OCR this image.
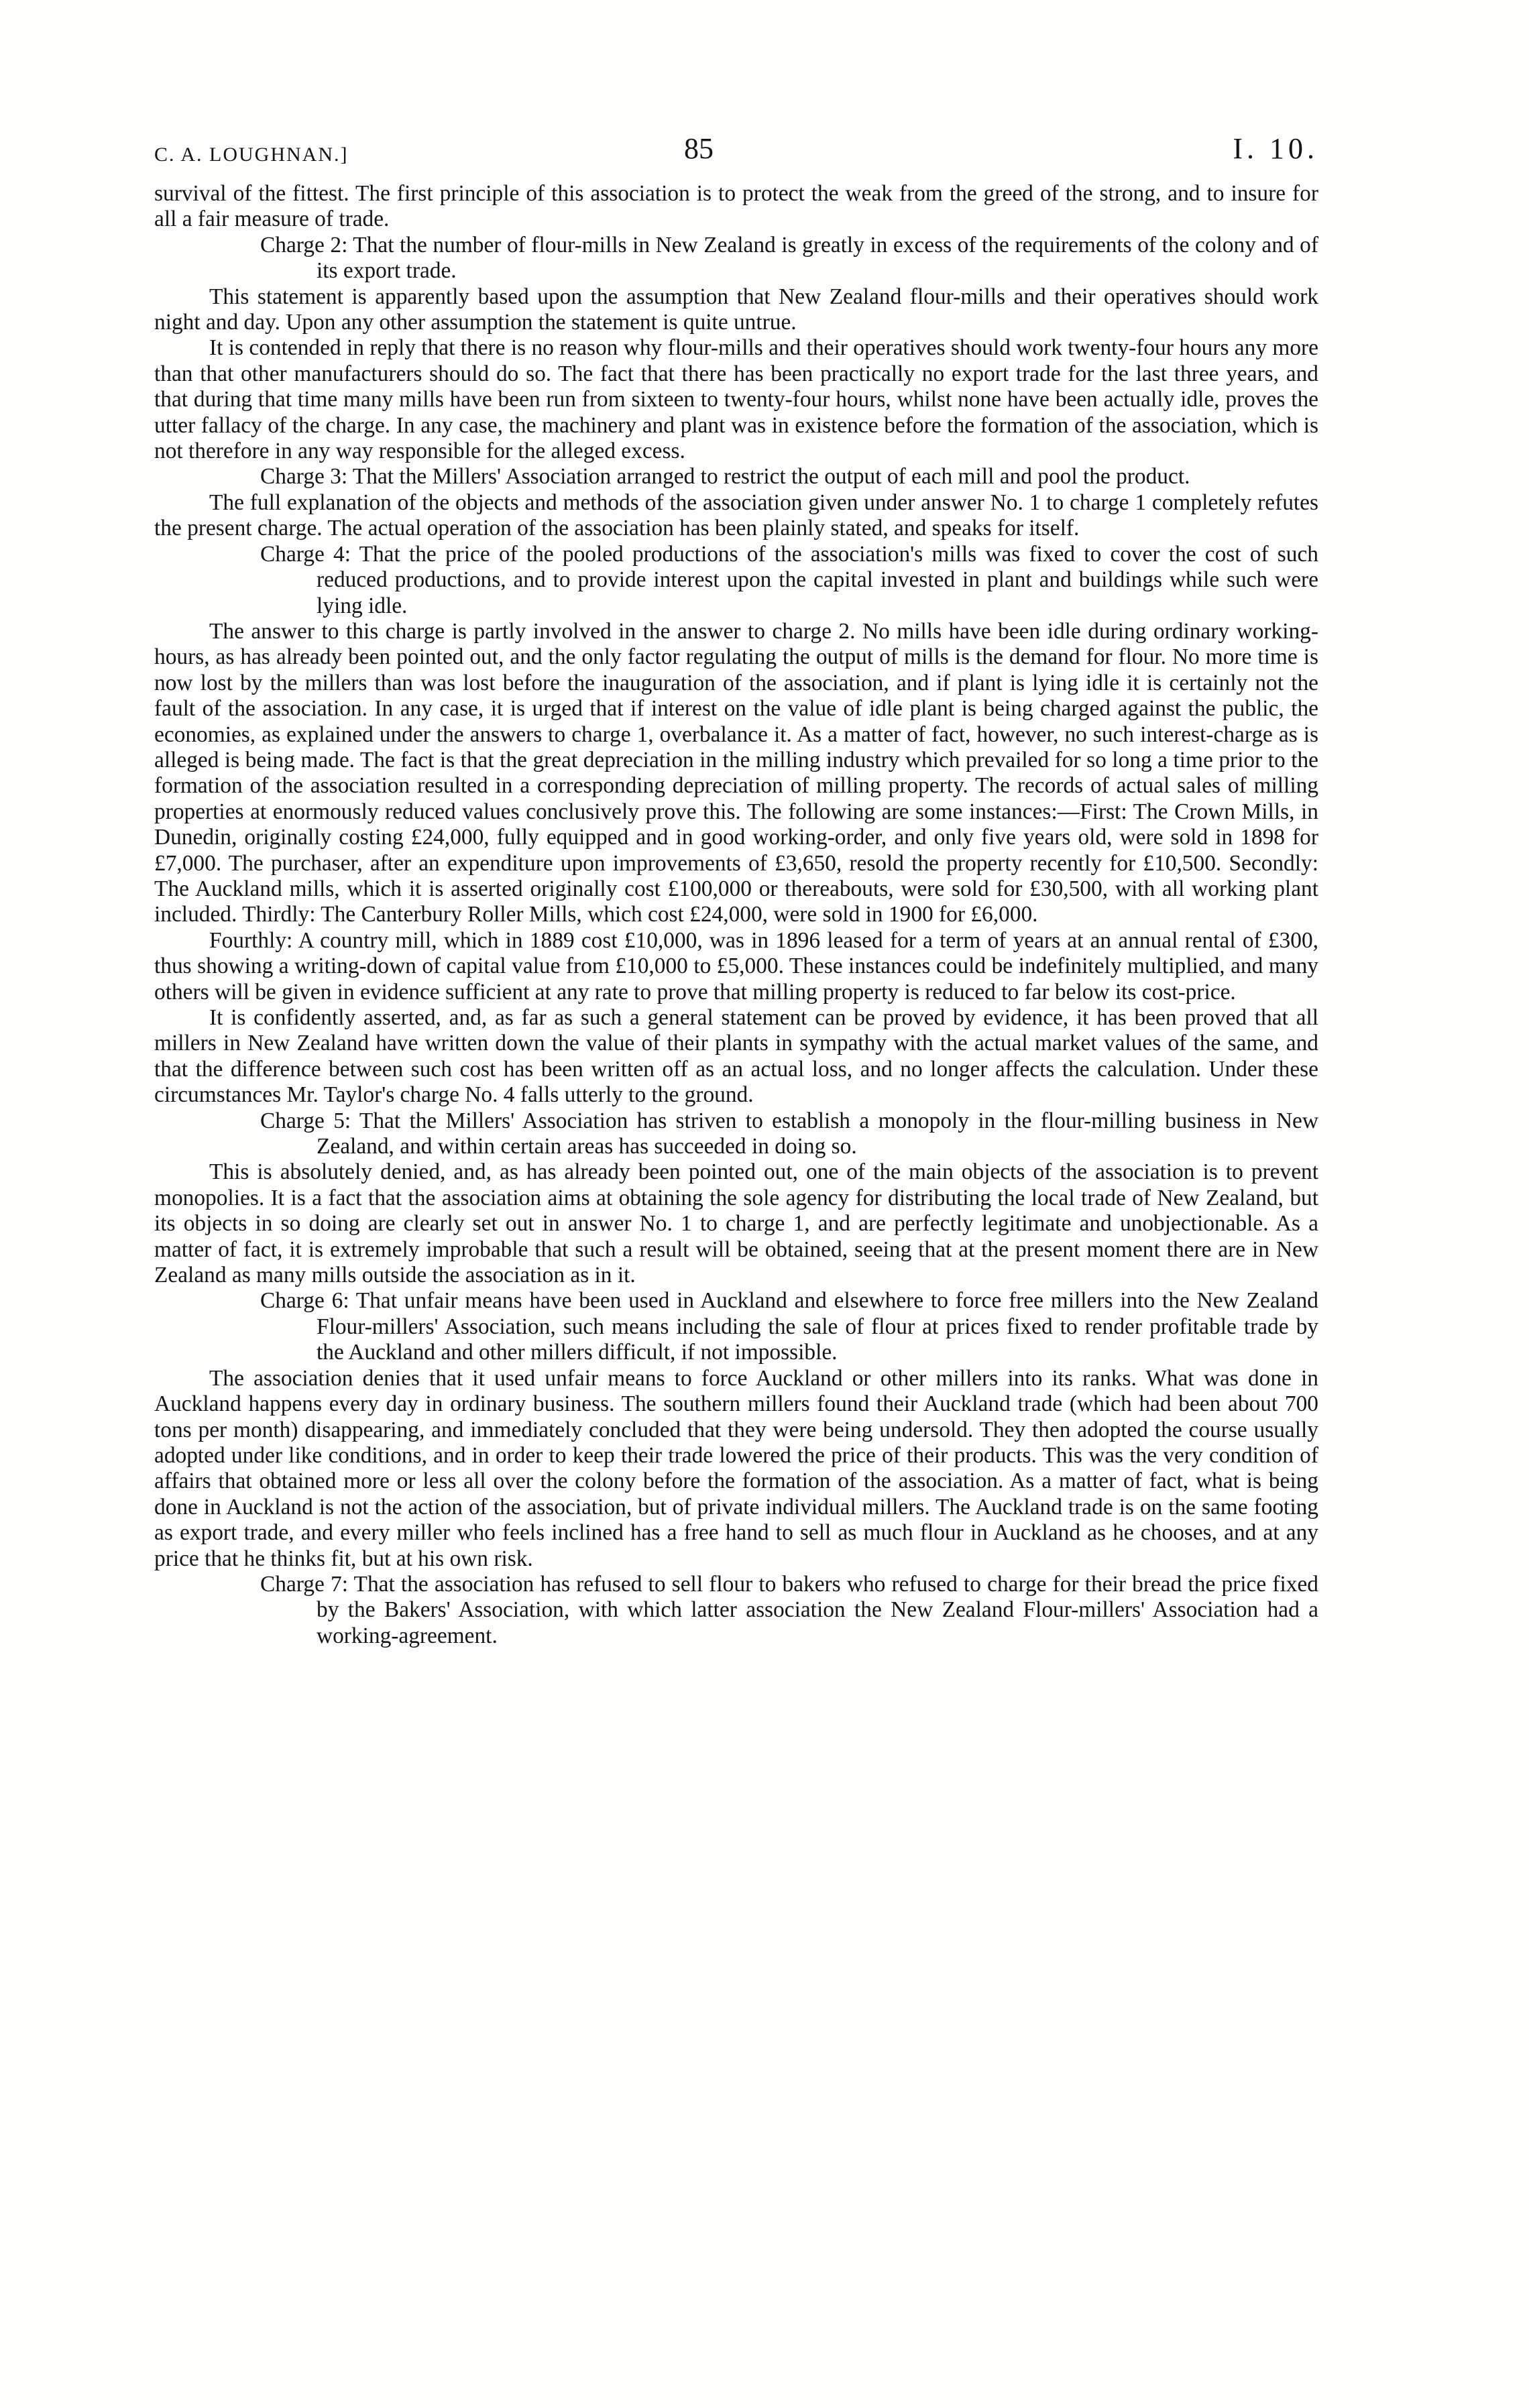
C. A. LOUGHNAN.]	85	I. 10.

survival of the fittest. The first principle of this association is to protect the weak from the greed of the strong, and to insure for all a fair measure of trade.

Charge 2: That the number of flour-mills in New Zealand is greatly in excess of the requirements of the colony and of its export trade.

This statement is apparently based upon the assumption that New Zealand flour-mills and their operatives should work night and day. Upon any other assumption the statement is quite untrue.

It is contended in reply that there is no reason why flour-mills and their operatives should work twenty-four hours any more than that other manufacturers should do so. The fact that there has been practically no export trade for the last three years, and that during that time many mills have been run from sixteen to twenty-four hours, whilst none have been actually idle, proves the utter fallacy of the charge. In any case, the machinery and plant was in existence before the formation of the association, which is not therefore in any way responsible for the alleged excess.

Charge 3: That the Millers' Association arranged to restrict the output of each mill and pool the product.

The full explanation of the objects and methods of the association given under answer No. 1 to charge 1 completely refutes the present charge. The actual operation of the association has been plainly stated, and speaks for itself.

Charge 4: That the price of the pooled productions of the association's mills was fixed to cover the cost of such reduced productions, and to provide interest upon the capital invested in plant and buildings while such were lying idle.

The answer to this charge is partly involved in the answer to charge 2. No mills have been idle during ordinary working-hours, as has already been pointed out, and the only factor regulating the output of mills is the demand for flour. No more time is now lost by the millers than was lost before the inauguration of the association, and if plant is lying idle it is certainly not the fault of the association. In any case, it is urged that if interest on the value of idle plant is being charged against the public, the economies, as explained under the answers to charge 1, overbalance it. As a matter of fact, however, no such interest-charge as is alleged is being made. The fact is that the great depreciation in the milling industry which prevailed for so long a time prior to the formation of the association resulted in a corresponding depreciation of milling property. The records of actual sales of milling properties at enormously reduced values conclusively prove this. The following are some instances:—First: The Crown Mills, in Dunedin, originally costing £24,000, fully equipped and in good working-order, and only five years old, were sold in 1898 for £7,000. The purchaser, after an expenditure upon improvements of £3,650, resold the property recently for £10,500. Secondly: The Auckland mills, which it is asserted originally cost £100,000 or thereabouts, were sold for £30,500, with all working plant included. Thirdly: The Canterbury Roller Mills, which cost £24,000, were sold in 1900 for £6,000.

Fourthly: A country mill, which in 1889 cost £10,000, was in 1896 leased for a term of years at an annual rental of £300, thus showing a writing-down of capital value from £10,000 to £5,000. These instances could be indefinitely multiplied, and many others will be given in evidence sufficient at any rate to prove that milling property is reduced to far below its cost-price.

It is confidently asserted, and, as far as such a general statement can be proved by evidence, it has been proved that all millers in New Zealand have written down the value of their plants in sympathy with the actual market values of the same, and that the difference between such cost has been written off as an actual loss, and no longer affects the calculation. Under these circumstances Mr. Taylor's charge No. 4 falls utterly to the ground.

Charge 5: That the Millers' Association has striven to establish a monopoly in the flour-milling business in New Zealand, and within certain areas has succeeded in doing so.

This is absolutely denied, and, as has already been pointed out, one of the main objects of the association is to prevent monopolies. It is a fact that the association aims at obtaining the sole agency for distributing the local trade of New Zealand, but its objects in so doing are clearly set out in answer No. 1 to charge 1, and are perfectly legitimate and unobjectionable. As a matter of fact, it is extremely improbable that such a result will be obtained, seeing that at the present moment there are in New Zealand as many mills outside the association as in it.

Charge 6: That unfair means have been used in Auckland and elsewhere to force free millers into the New Zealand Flour-millers' Association, such means including the sale of flour at prices fixed to render profitable trade by the Auckland and other millers difficult, if not impossible.

The association denies that it used unfair means to force Auckland or other millers into its ranks. What was done in Auckland happens every day in ordinary business. The southern millers found their Auckland trade (which had been about 700 tons per month) disappearing, and immediately concluded that they were being undersold. They then adopted the course usually adopted under like conditions, and in order to keep their trade lowered the price of their products. This was the very condition of affairs that obtained more or less all over the colony before the formation of the association. As a matter of fact, what is being done in Auckland is not the action of the association, but of private individual millers. The Auckland trade is on the same footing as export trade, and every miller who feels inclined has a free hand to sell as much flour in Auckland as he chooses, and at any price that he thinks fit, but at his own risk.

Charge 7: That the association has refused to sell flour to bakers who refused to charge for their bread the price fixed by the Bakers' Association, with which latter association the New Zealand Flour-millers' Association had a working-agreement.
